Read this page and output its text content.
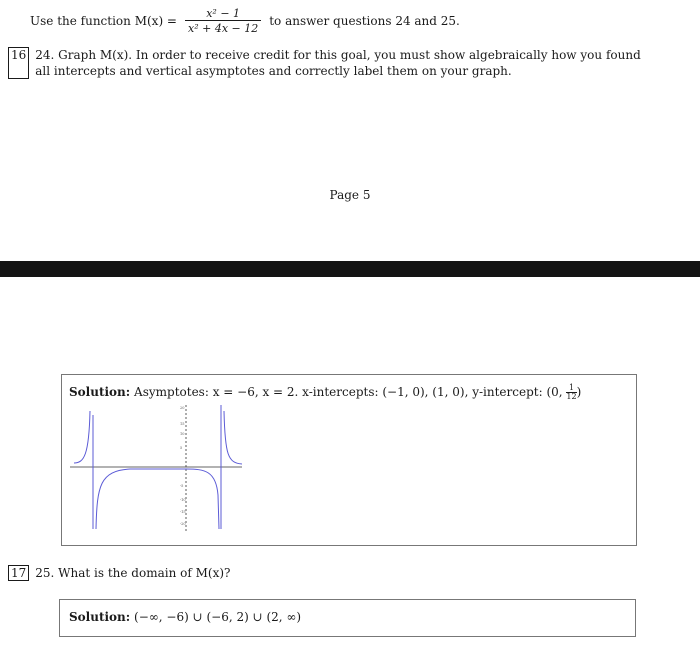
Use the function $M(x) = \frac{\text{x² − 1}}{\text{x² + 4x − 12}}$ to answer questions 24 and 25.
16 24. Graph M(x). In order to receive credit for this goal, you must show algebraically how you found all intercepts and vertical asymptotes and correctly label them on your graph.
Page 5
Solution: Asymptotes: x = −6, x = 2. x-intercepts: (−1, 0), (1, 0), y-intercept: (0, $\frac{1}{12}$ )
20
15
10
5
-5
-10
-15
-20
17 25. What is the domain of M(x)?
Solution: (−∞, −6) ∪ (−6, 2) ∪ (2, ∞)
